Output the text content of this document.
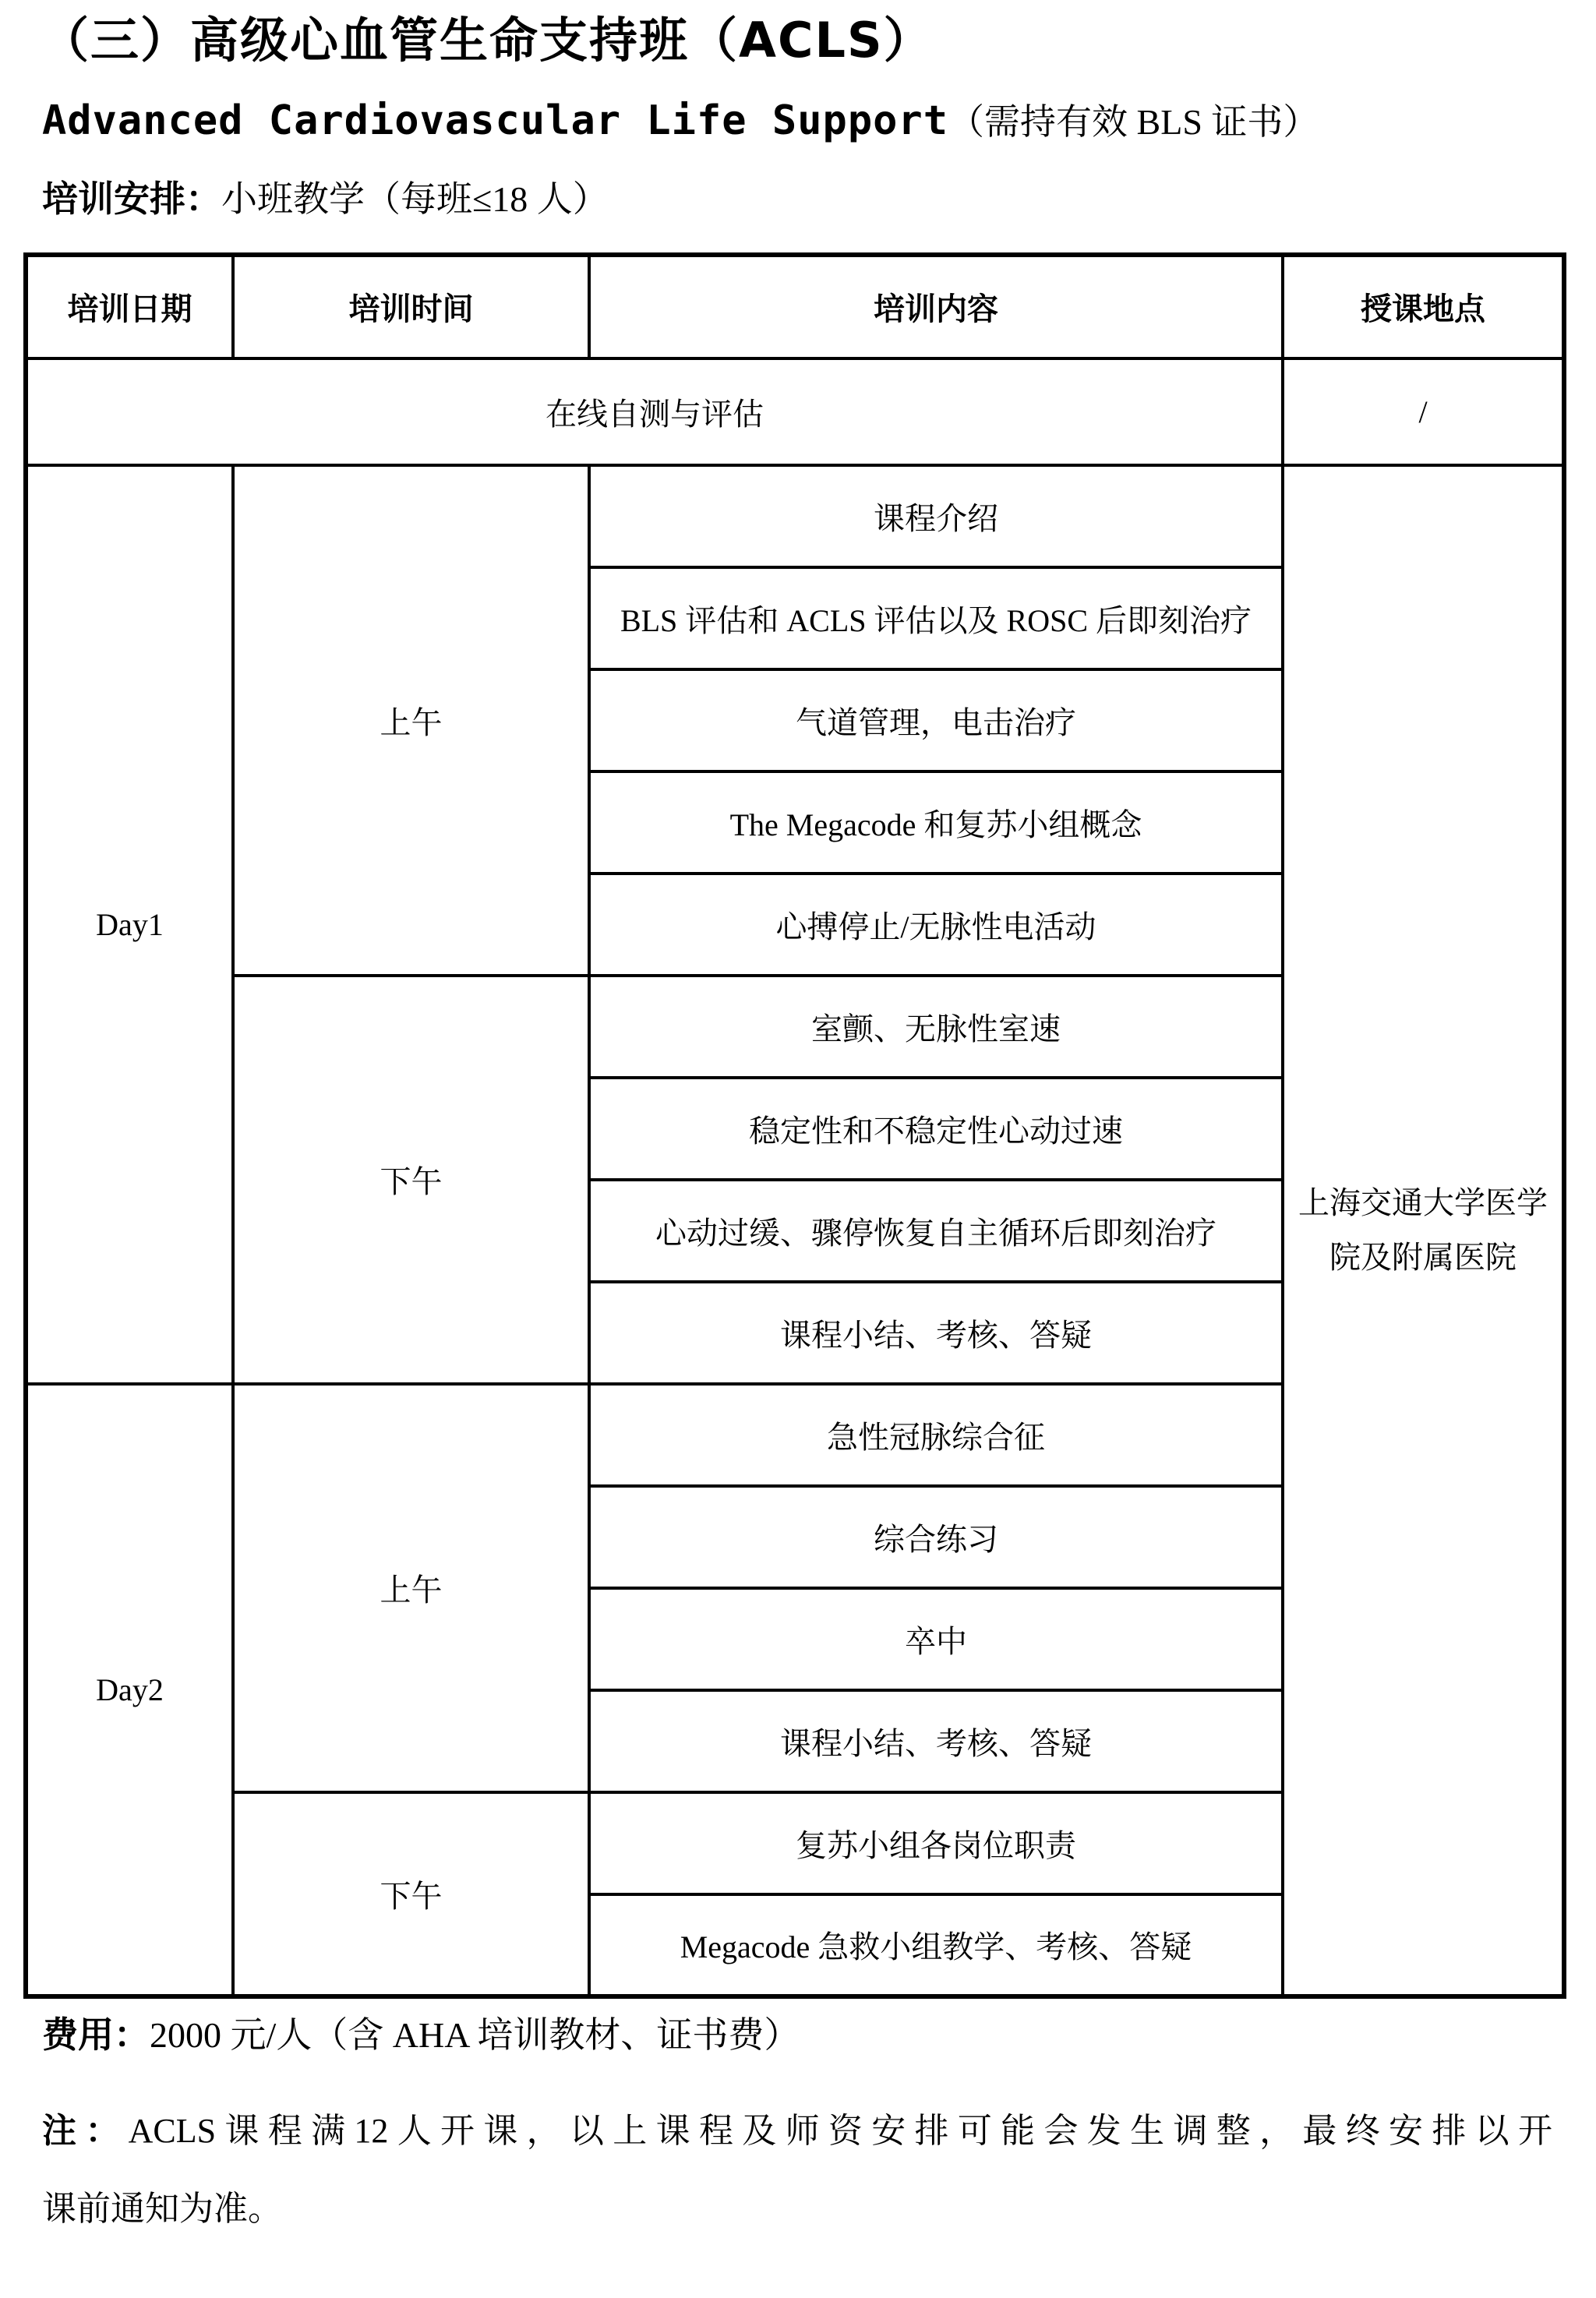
（三）高级心血管生命支持班（ACLS）
Advanced Cardiovascular Life Support（需持有效 BLS 证书）
培训安排：小班教学（每班≤18 人）
培训日期	培训时间	培训内容	授课地点
在线自测与评估			/
Day1	上午	课程介绍	上海交通大学医学院及附属医院
		BLS 评估和 ACLS 评估以及 ROSC 后即刻治疗	
		气道管理，电击治疗	
		The Megacode 和复苏小组概念	
		心搏停止/无脉性电活动	
	下午	室颤、无脉性室速	
		稳定性和不稳定性心动过速	
		心动过缓、骤停恢复自主循环后即刻治疗	
		课程小结、考核、答疑	
Day2	上午	急性冠脉综合征	
		综合练习	
		卒中	
		课程小结、考核、答疑	
	下午	复苏小组各岗位职责	
		Megacode 急救小组教学、考核、答疑	
费用：2000 元/人（含 AHA 培训教材、证书费）
注：ACLS课程满12人开课，以上课程及师资安排可能会发生调整，最终安排以开
课前通知为准。
